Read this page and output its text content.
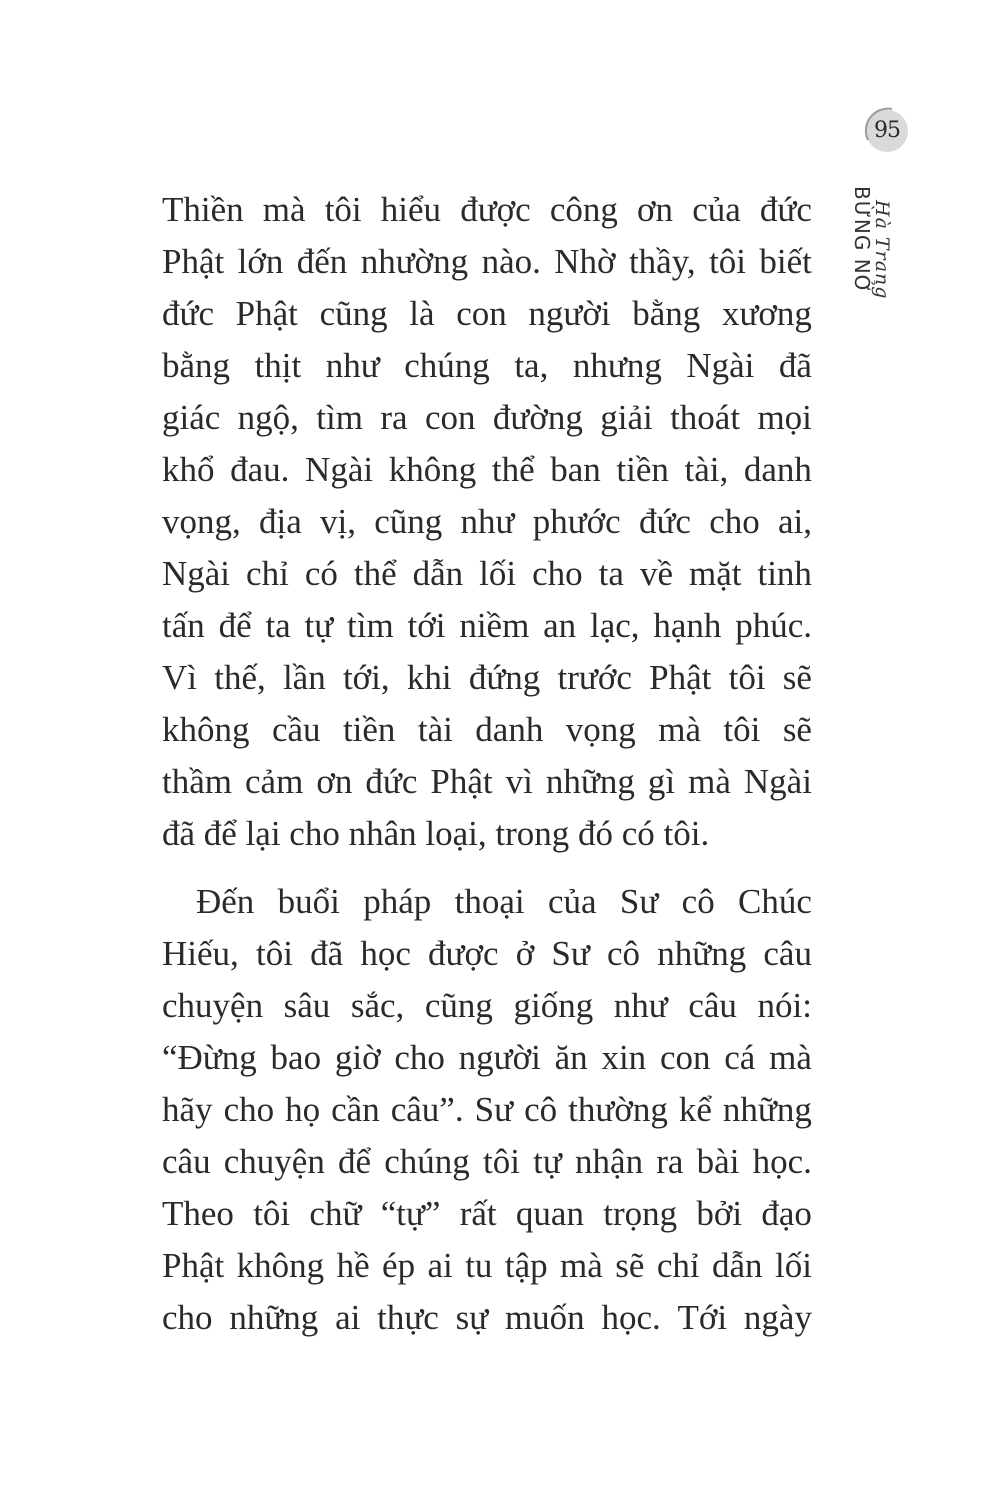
95
Hà Trang
BỪNG NỞ

Thiền mà tôi hiểu được công ơn của đức
Phật lớn đến nhường nào. Nhờ thầy, tôi biết
đức Phật cũng là con người bằng xương
bằng thịt như chúng ta, nhưng Ngài đã
giác ngộ, tìm ra con đường giải thoát mọi
khổ đau. Ngài không thể ban tiền tài, danh
vọng, địa vị, cũng như phước đức cho ai,
Ngài chỉ có thể dẫn lối cho ta về mặt tinh
tấn để ta tự tìm tới niềm an lạc, hạnh phúc.
Vì thế, lần tới, khi đứng trước Phật tôi sẽ
không cầu tiền tài danh vọng mà tôi sẽ
thầm cảm ơn đức Phật vì những gì mà Ngài
đã để lại cho nhân loại, trong đó có tôi.

Đến buổi pháp thoại của Sư cô Chúc
Hiếu, tôi đã học được ở Sư cô những câu
chuyện sâu sắc, cũng giống như câu nói:
“Đừng bao giờ cho người ăn xin con cá mà
hãy cho họ cần câu”. Sư cô thường kể những
câu chuyện để chúng tôi tự nhận ra bài học.
Theo tôi chữ “tự” rất quan trọng bởi đạo
Phật không hề ép ai tu tập mà sẽ chỉ dẫn lối
cho những ai thực sự muốn học. Tới ngày
